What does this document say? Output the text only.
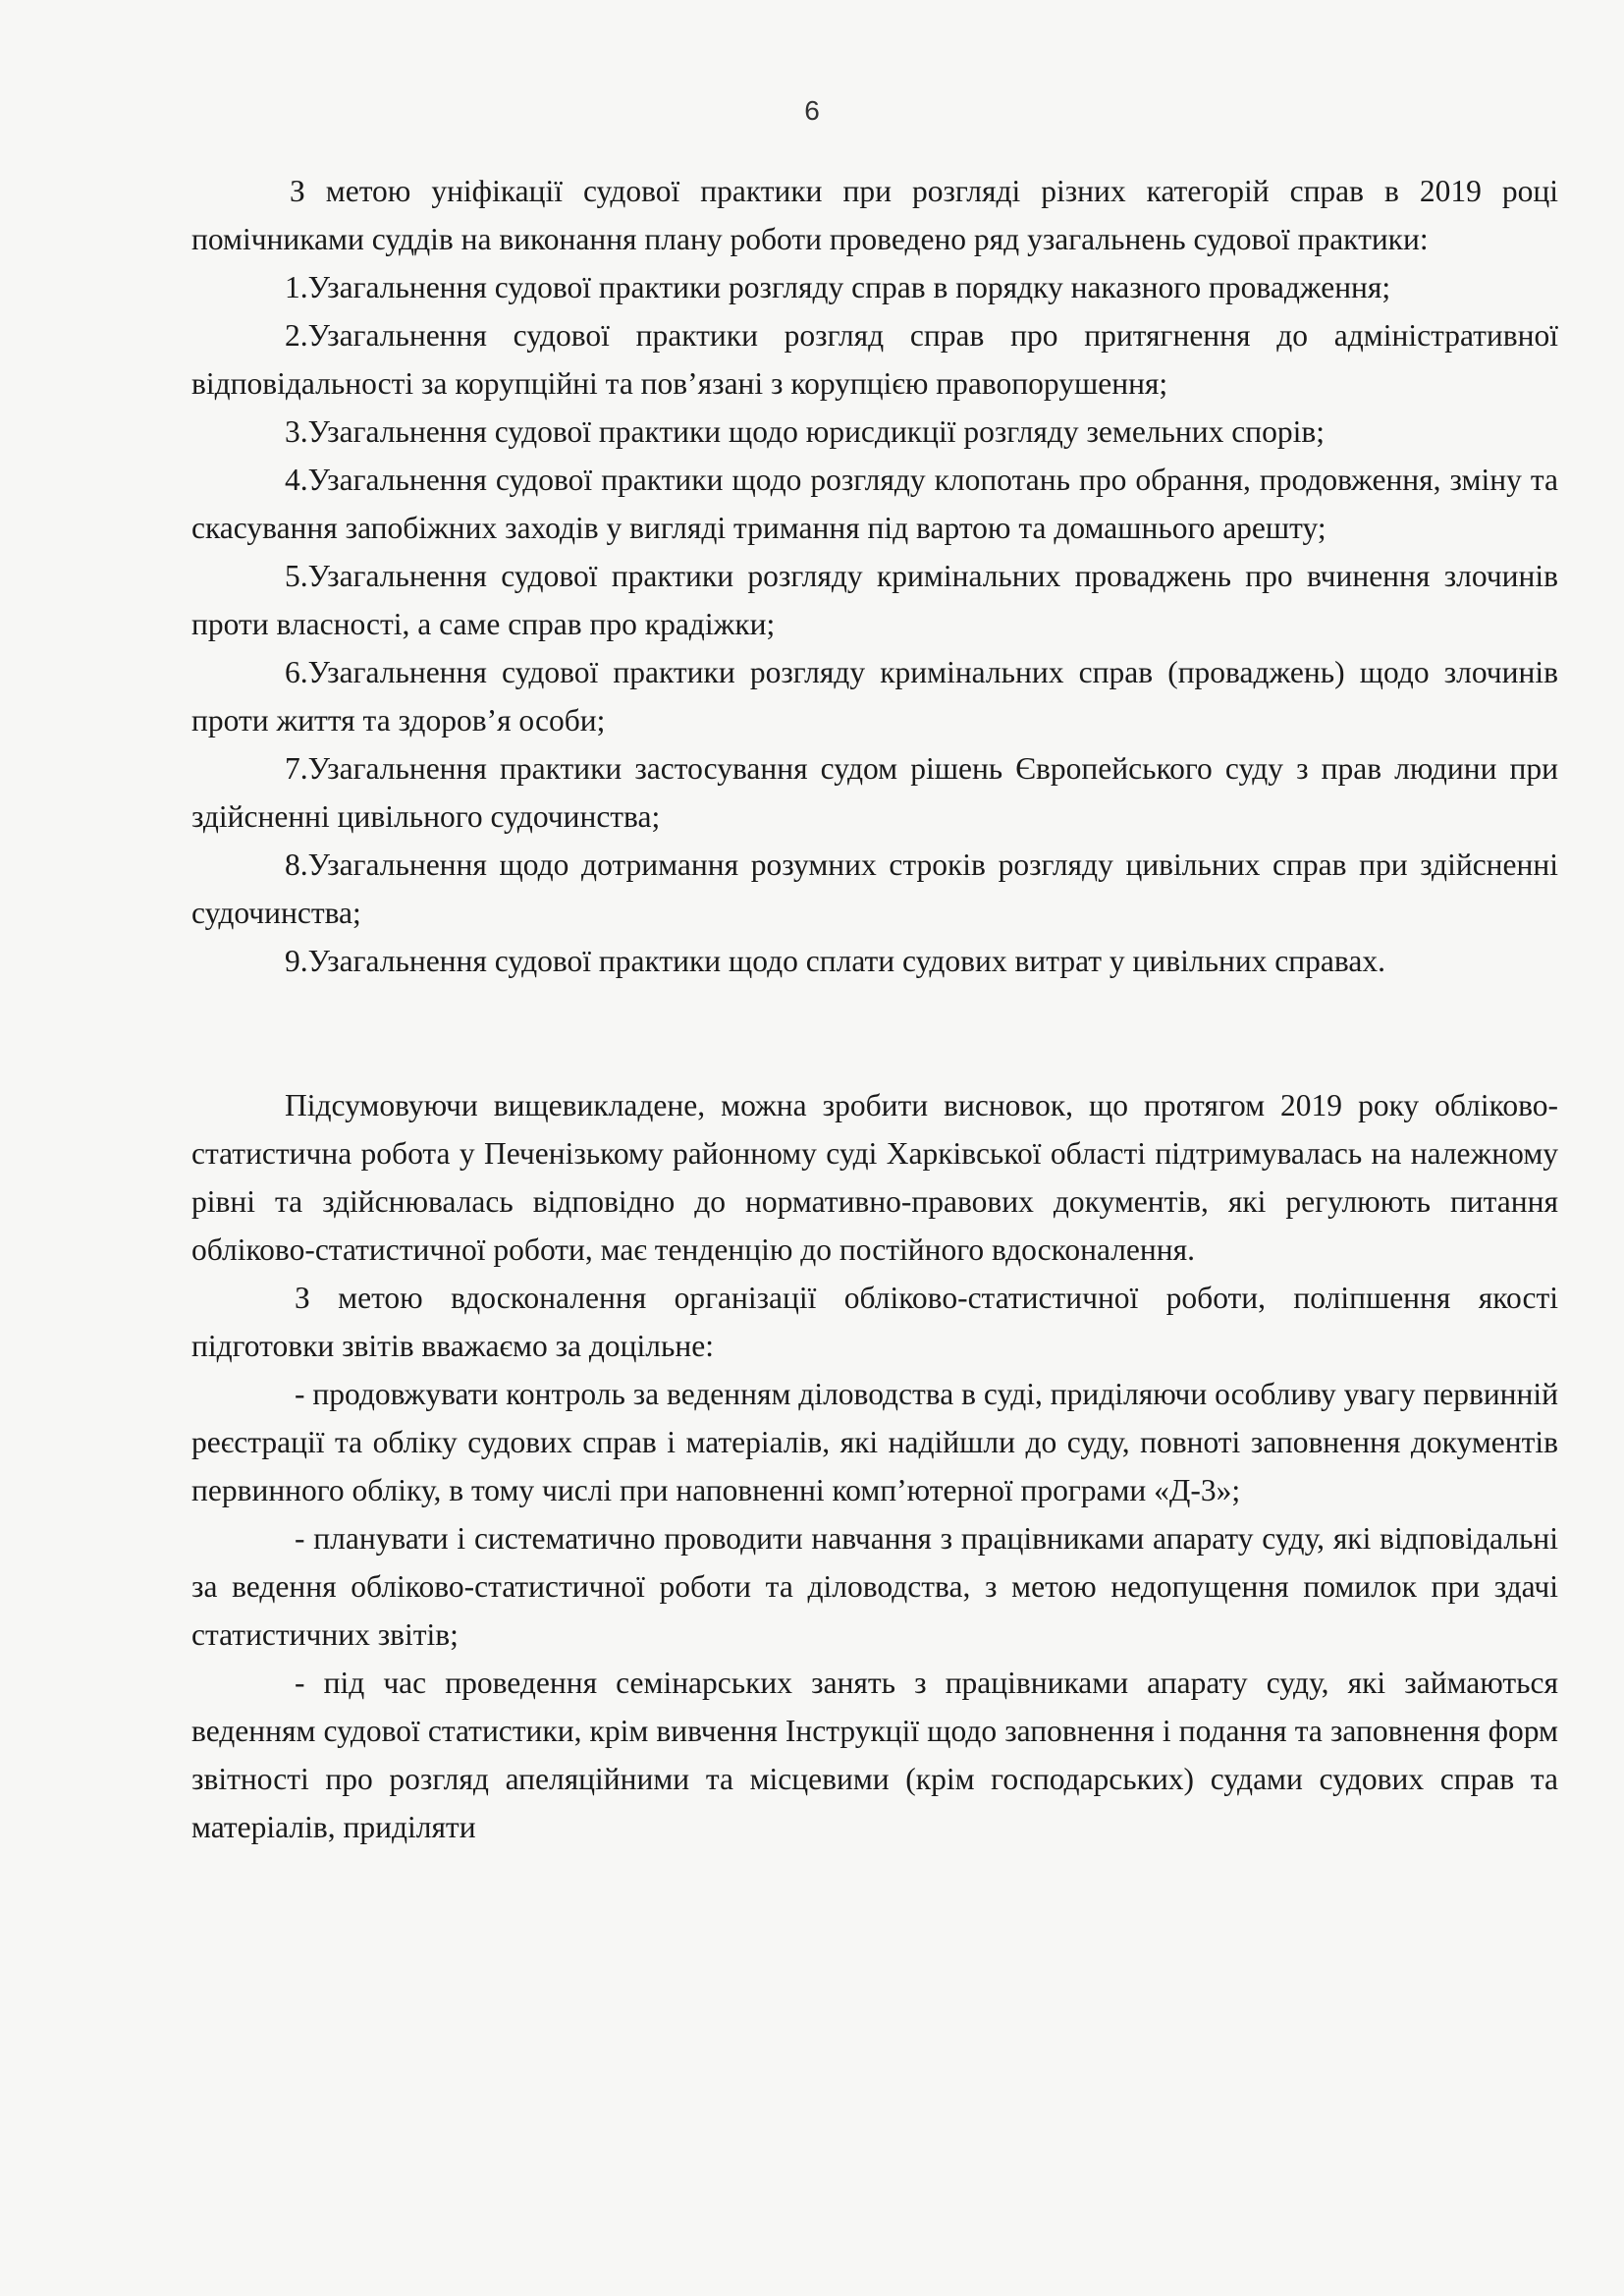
6

З метою уніфікації судової практики при розгляді різних категорій справ в 2019 році помічниками суддів на виконання плану роботи проведено ряд узагальнень судової практики:

1.Узагальнення судової практики розгляду справ в порядку наказного провадження;

2.Узагальнення судової практики розгляд справ про притягнення до адміністративної відповідальності за корупційні та пов’язані з корупцією правопорушення;

3.Узагальнення судової практики щодо юрисдикції розгляду земельних спорів;

4.Узагальнення судової практики щодо розгляду клопотань про обрання, продовження, зміну та скасування запобіжних заходів у вигляді тримання під вартою та домашнього арешту;

5.Узагальнення судової практики розгляду кримінальних проваджень про вчинення злочинів проти власності, а саме справ про крадіжки;

6.Узагальнення судової практики розгляду кримінальних справ (проваджень) щодо злочинів проти життя та здоров’я особи;

7.Узагальнення практики застосування судом рішень Європейського суду з прав людини при здійсненні цивільного судочинства;

8.Узагальнення щодо дотримання розумних строків розгляду цивільних справ при здійсненні судочинства;

9.Узагальнення судової практики щодо сплати судових витрат у цивільних справах.

Підсумовуючи вищевикладене, можна зробити висновок, що протягом 2019 року обліково-статистична робота у Печенізькому районному суді Харківської області підтримувалась на належному рівні та здійснювалась відповідно до нормативно-правових документів, які регулюють питання обліково-статистичної роботи, має тенденцію до постійного вдосконалення.

З метою вдосконалення організації обліково-статистичної роботи, поліпшення якості підготовки звітів вважаємо за доцільне:

- продовжувати контроль за веденням діловодства в суді, приділяючи особливу увагу первинній реєстрації та обліку судових справ і матеріалів, які надійшли до суду, повноті заповнення документів первинного обліку, в тому числі при наповненні комп’ютерної програми «Д-3»;

- планувати і систематично проводити навчання з працівниками апарату суду, які відповідальні за ведення обліково-статистичної роботи та діловодства, з метою недопущення помилок при здачі статистичних звітів;

- під час проведення семінарських занять з працівниками апарату суду, які займаються веденням судової статистики, крім вивчення Інструкції щодо заповнення і подання та заповнення форм звітності про розгляд апеляційними та місцевими (крім господарських) судами судових справ та матеріалів, приділяти
